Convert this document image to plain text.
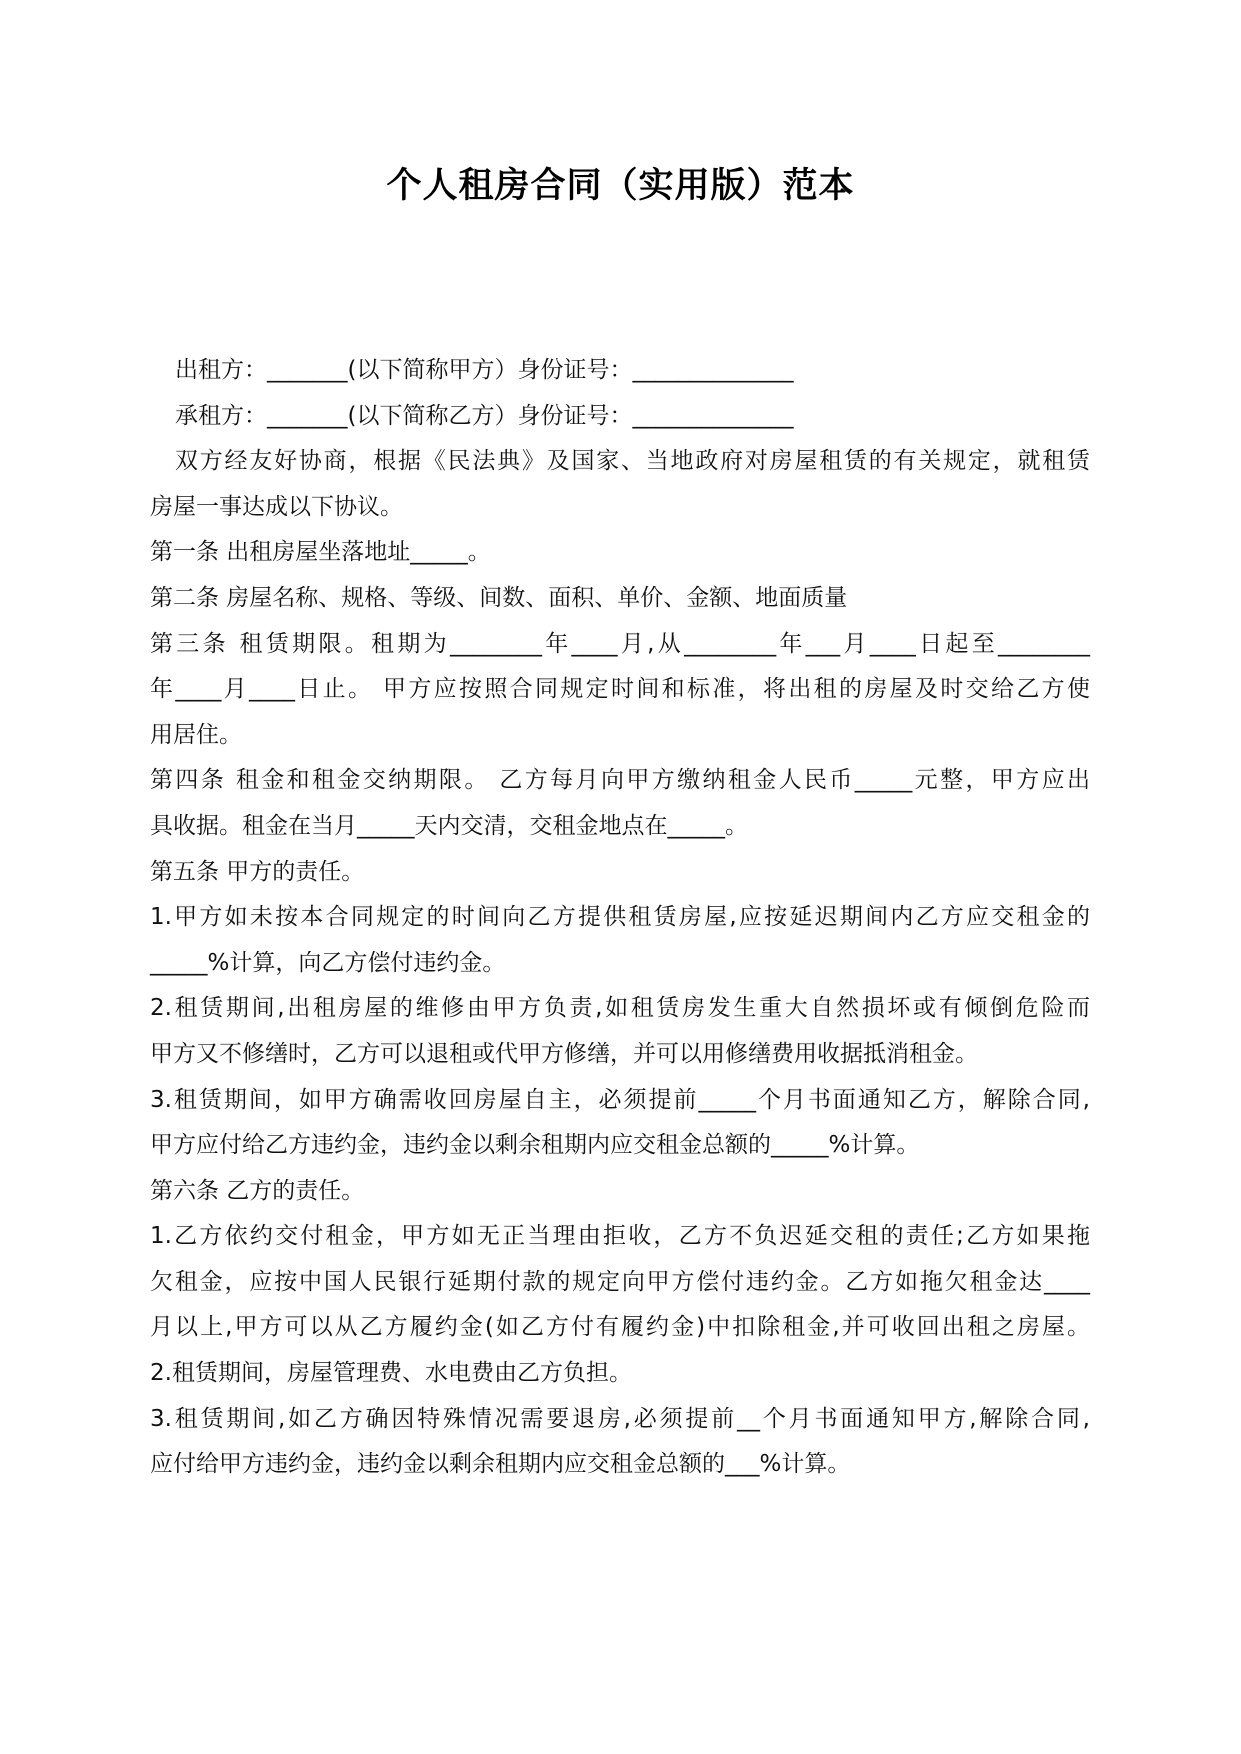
个人租房合同（实用版）范本
出租方：_______(以下简称甲方）身份证号：______________
承租方：_______(以下简称乙方）身份证号：______________
双方经友好协商，根据《民法典》及国家、当地政府对房屋租赁的有关规定，就租赁
房屋一事达成以下协议。
第一条 出租房屋坐落地址_____。
第二条 房屋名称、规格、等级、间数、面积、单价、金额、地面质量
第三条 租赁期限。租期为________年____月,从________年___月____日起至________
年____月____日止。 甲方应按照合同规定时间和标准，将出租的房屋及时交给乙方使
用居住。
第四条 租金和租金交纳期限。 乙方每月向甲方缴纳租金人民币_____元整，甲方应出
具收据。租金在当月_____天内交清，交租金地点在_____。
第五条 甲方的责任。
1.甲方如未按本合同规定的时间向乙方提供租赁房屋,应按延迟期间内乙方应交租金的
_____%计算，向乙方偿付违约金。
2.租赁期间,出租房屋的维修由甲方负责,如租赁房发生重大自然损坏或有倾倒危险而
甲方又不修缮时，乙方可以退租或代甲方修缮，并可以用修缮费用收据抵消租金。
3.租赁期间，如甲方确需收回房屋自主，必须提前_____个月书面通知乙方，解除合同,
甲方应付给乙方违约金，违约金以剩余租期内应交租金总额的_____%计算。
第六条 乙方的责任。
1.乙方依约交付租金，甲方如无正当理由拒收，乙方不负迟延交租的责任;乙方如果拖
欠租金，应按中国人民银行延期付款的规定向甲方偿付违约金。乙方如拖欠租金达____
月以上,甲方可以从乙方履约金(如乙方付有履约金)中扣除租金,并可收回出租之房屋。
2.租赁期间，房屋管理费、水电费由乙方负担。
3.租赁期间,如乙方确因特殊情况需要退房,必须提前__个月书面通知甲方,解除合同,
应付给甲方违约金，违约金以剩余租期内应交租金总额的___%计算。
